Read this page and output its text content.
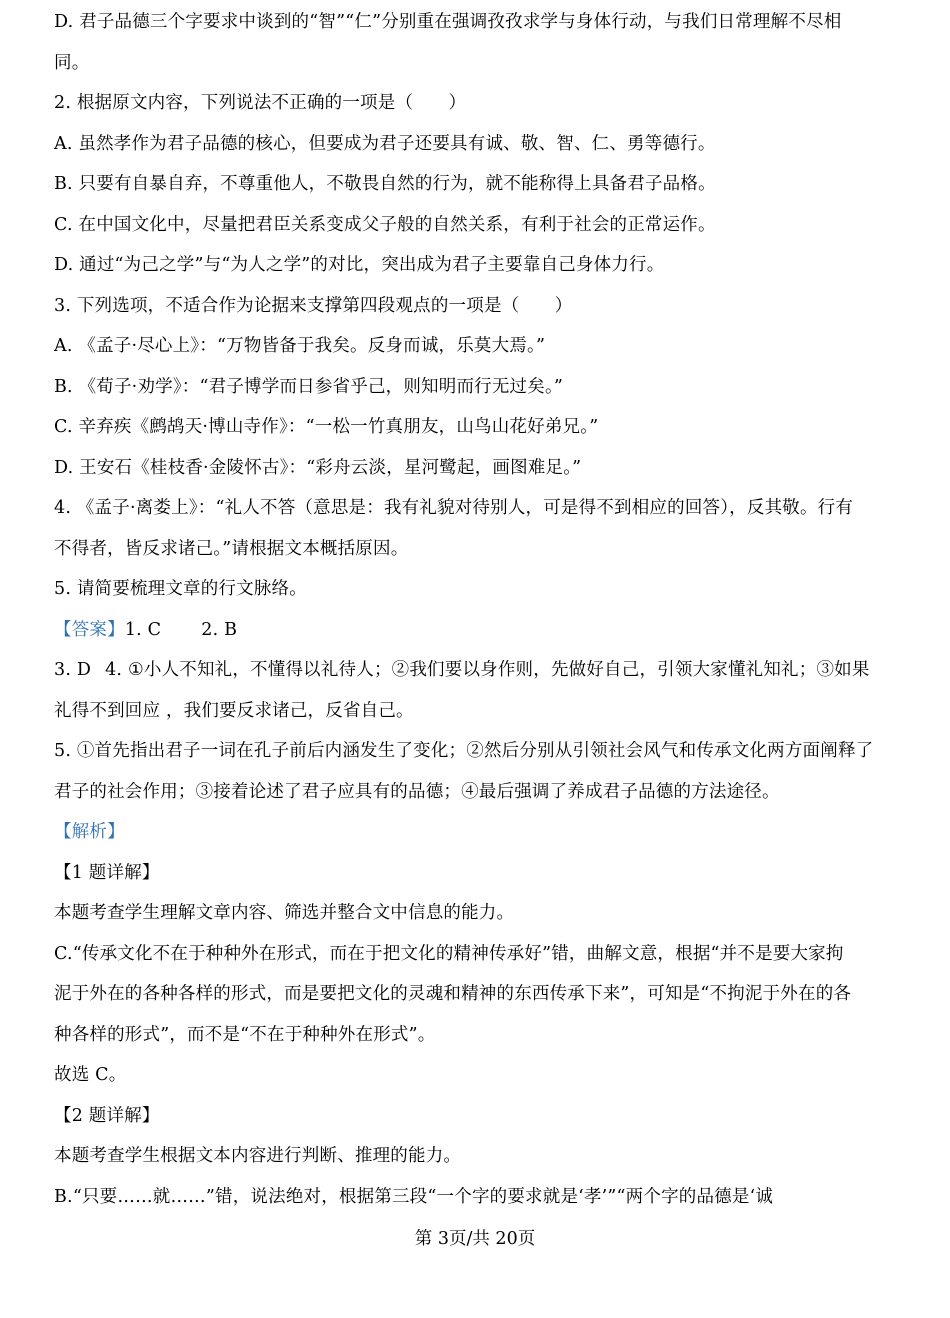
D. 君子品德三个字要求中谈到的“智”“仁”分别重在强调孜孜求学与身体行动，与我们日常理解不尽相
同。
2. 根据原文内容，下列说法不正确的一项是（　　）
A. 虽然孝作为君子品德的核心，但要成为君子还要具有诚、敬、智、仁、勇等德行。
B. 只要有自暴自弃，不尊重他人，不敬畏自然的行为，就不能称得上具备君子品格。
C. 在中国文化中，尽量把君臣关系变成父子般的自然关系，有利于社会的正常运作。
D. 通过“为己之学”与“为人之学”的对比，突出成为君子主要靠自己身体力行。
3. 下列选项，不适合作为论据来支撑第四段观点的一项是（　　）
A. 《孟子·尽心上》：“万物皆备于我矣。反身而诚，乐莫大焉。”
B. 《荀子·劝学》：“君子博学而日参省乎己，则知明而行无过矣。”
C. 辛弃疾《鹧鸪天·博山寺作》：“一松一竹真朋友，山鸟山花好弟兄。”
D. 王安石《桂枝香·金陵怀古》：“彩舟云淡，星河鹭起，画图难足。”
4. 《孟子·离娄上》：“礼人不答（意思是：我有礼貌对待别人，可是得不到相应的回答），反其敬。行有
不得者，皆反求诸己。”请根据文本概括原因。
5. 请简要梳理文章的行文脉络。
【答案】1. C 2. B
3. D 4. ①小人不知礼，不懂得以礼待人；②我们要以身作则，先做好自己，引领大家懂礼知礼；③如果
礼得不到回应 ，我们要反求诸己，反省自己。
5. ①首先指出君子一词在孔子前后内涵发生了变化；②然后分别从引领社会风气和传承文化两方面阐释了
君子的社会作用；③接着论述了君子应具有的品德；④最后强调了养成君子品德的方法途径。
【解析】
【1 题详解】
本题考查学生理解文章内容、筛选并整合文中信息的能力。
C.“传承文化不在于种种外在形式，而在于把文化的精神传承好”错，曲解文意，根据“并不是要大家拘
泥于外在的各种各样的形式，而是要把文化的灵魂和精神的东西传承下来”，可知是“不拘泥于外在的各
种各样的形式”，而不是“不在于种种外在形式”。
故选 C。
【2 题详解】
本题考查学生根据文本内容进行判断、推理的能力。
B.“只要……就……”错，说法绝对，根据第三段“一个字的要求就是‘孝’”“两个字的品德是‘诚
第 3页/共 20页
